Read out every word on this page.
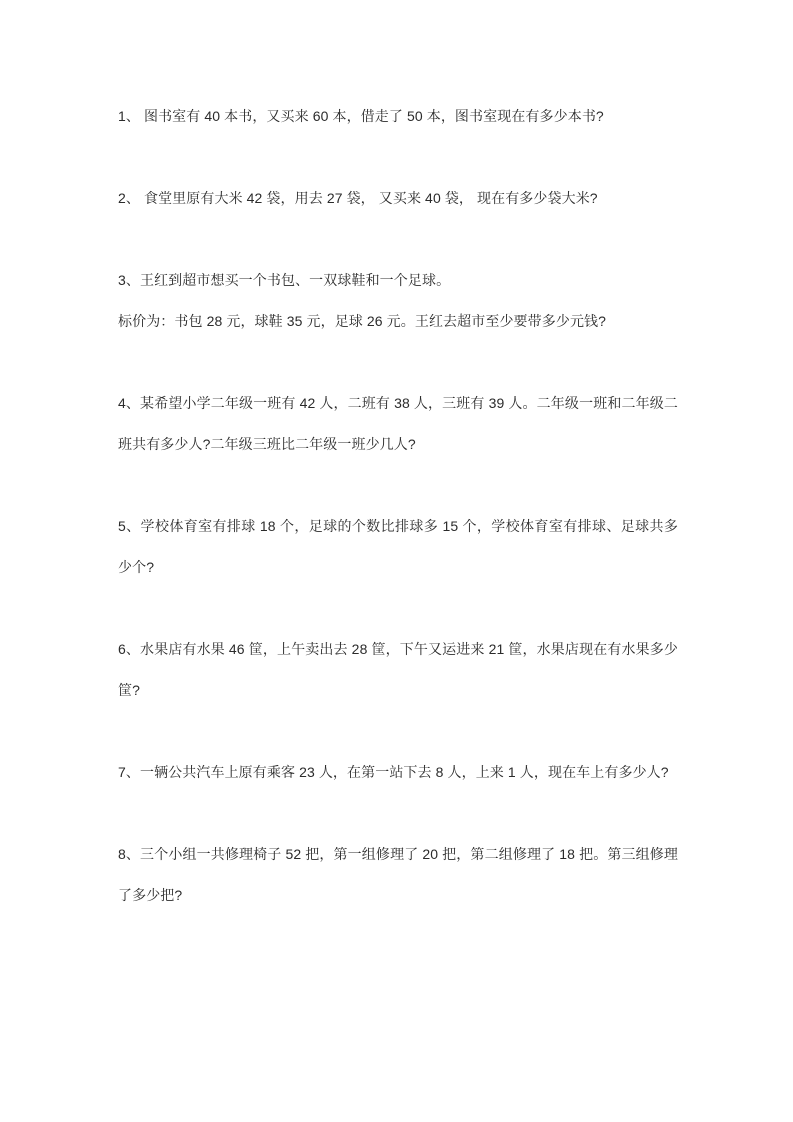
1、 图书室有 40 本书，又买来 60 本，借走了 50 本，图书室现在有多少本书?

2、 食堂里原有大米 42 袋，用去 27 袋， 又买来 40 袋， 现在有多少袋大米?

3、王红到超市想买一个书包、一双球鞋和一个足球。
标价为：书包 28 元，球鞋 35 元，足球 26 元。王红去超市至少要带多少元钱?

4、某希望小学二年级一班有 42 人，二班有 38 人，三班有 39 人。二年级一班和二年级二班共有多少人?二年级三班比二年级一班少几人?

5、学校体育室有排球 18 个，足球的个数比排球多 15 个，学校体育室有排球、足球共多少个?

6、水果店有水果 46 筐，上午卖出去 28 筐，下午又运进来 21 筐，水果店现在有水果多少筐?

7、一辆公共汽车上原有乘客 23 人，在第一站下去 8 人，上来 1 人，现在车上有多少人?

8、三个小组一共修理椅子 52 把，第一组修理了 20 把，第二组修理了 18 把。第三组修理了多少把?
